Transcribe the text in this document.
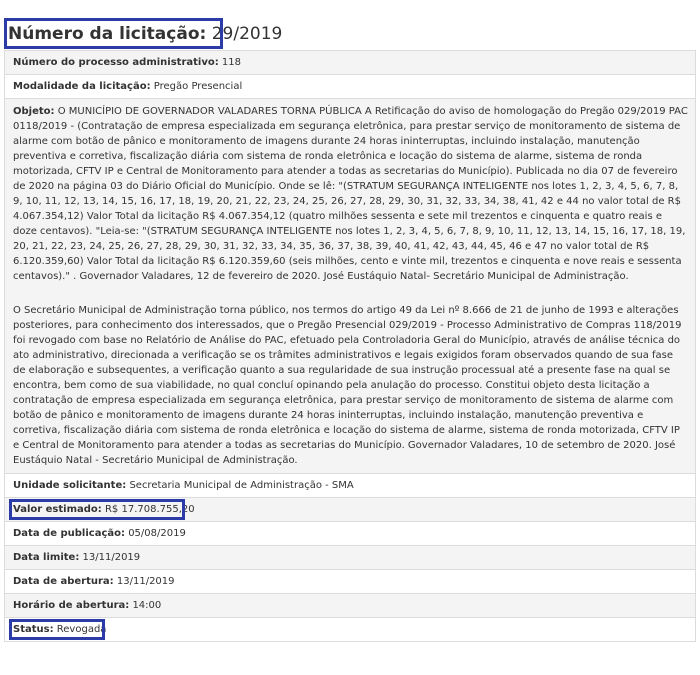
Número da licitação: 29/2019
Número do processo administrativo: 118
Modalidade da licitação: Pregão Presencial

Objeto: O MUNICÍPIO DE GOVERNADOR VALADARES TORNA PÚBLICA A Retificação do aviso de homologação do Pregão 029/2019 PAC 0118/2019 - (Contratação de empresa especializada em segurança eletrônica, para prestar serviço de monitoramento de sistema de alarme com botão de pânico e monitoramento de imagens durante 24 horas ininterruptas, incluindo instalação, manutenção preventiva e corretiva, fiscalização diária com sistema de ronda eletrônica e locação do sistema de alarme, sistema de ronda motorizada, CFTV IP e Central de Monitoramento para atender a todas as secretarias do Município). Publicada no dia 07 de fevereiro de 2020 na página 03 do Diário Oficial do Município. Onde se lê: "(STRATUM SEGURANÇA INTELIGENTE nos lotes 1, 2, 3, 4, 5, 6, 7, 8, 9, 10, 11, 12, 13, 14, 15, 16, 17, 18, 19, 20, 21, 22, 23, 24, 25, 26, 27, 28, 29, 30, 31, 32, 33, 34, 38, 41, 42 e 44 no valor total de R$ 4.067.354,12) Valor Total da licitação R$ 4.067.354,12 (quatro milhões sessenta e sete mil trezentos e cinquenta e quatro reais e doze centavos). "Leia-se: "(STRATUM SEGURANÇA INTELIGENTE nos lotes 1, 2, 3, 4, 5, 6, 7, 8, 9, 10, 11, 12, 13, 14, 15, 16, 17, 18, 19, 20, 21, 22, 23, 24, 25, 26, 27, 28, 29, 30, 31, 32, 33, 34, 35, 36, 37, 38, 39, 40, 41, 42, 43, 44, 45, 46 e 47 no valor total de R$ 6.120.359,60) Valor Total da licitação R$ 6.120.359,60 (seis milhões, cento e vinte mil, trezentos e cinquenta e nove reais e sessenta centavos)." . Governador Valadares, 12 de fevereiro de 2020. José Eustáquio Natal- Secretário Municipal de Administração.

O Secretário Municipal de Administração torna público, nos termos do artigo 49 da Lei nº 8.666 de 21 de junho de 1993 e alterações posteriores, para conhecimento dos interessados, que o Pregão Presencial 029/2019 - Processo Administrativo de Compras 118/2019 foi revogado com base no Relatório de Análise do PAC, efetuado pela Controladoria Geral do Município, através de análise técnica do ato administrativo, direcionada a verificação se os trâmites administrativos e legais exigidos foram observados quando de sua fase de elaboração e subsequentes, a verificação quanto a sua regularidade de sua instrução processual até a presente fase na qual se encontra, bem como de sua viabilidade, no qual concluí opinando pela anulação do processo. Constitui objeto desta licitação a contratação de empresa especializada em segurança eletrônica, para prestar serviço de monitoramento de sistema de alarme com botão de pânico e monitoramento de imagens durante 24 horas ininterruptas, incluindo instalação, manutenção preventiva e corretiva, fiscalização diária com sistema de ronda eletrônica e locação do sistema de alarme, sistema de ronda motorizada, CFTV IP e Central de Monitoramento para atender a todas as secretarias do Município. Governador Valadares, 10 de setembro de 2020. José Eustáquio Natal - Secretário Municipal de Administração.

Unidade solicitante: Secretaria Municipal de Administração - SMA
Valor estimado: R$ 17.708.755,20
Data de publicação: 05/08/2019
Data limite: 13/11/2019
Data de abertura: 13/11/2019
Horário de abertura: 14:00
Status: Revogada
